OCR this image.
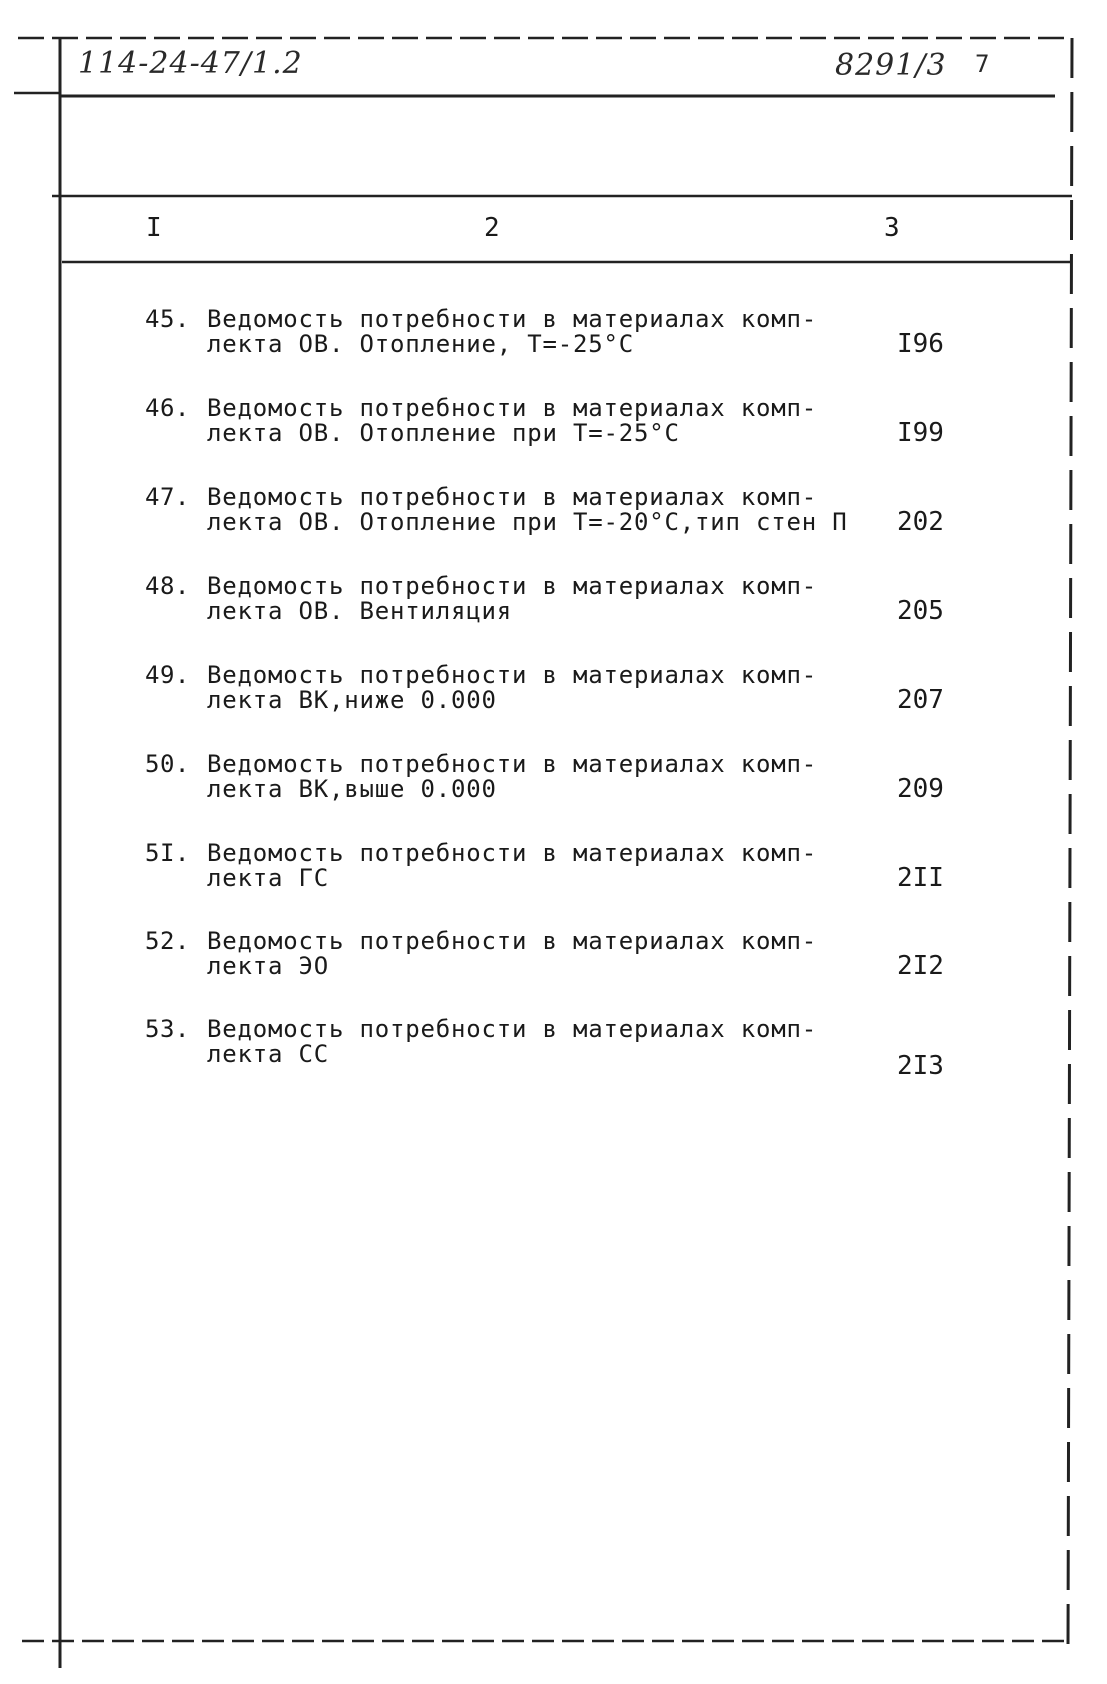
114-24-47/1.2	8291/3 7
I	2	3
45. Ведомость потребности в материалах комп-
лекта ОВ. Отопление, Т=-25°С	I96
46. Ведомость потребности в материалах комп-
лекта ОВ. Отопление при Т=-25°С	I99
47. Ведомость потребности в материалах комп-
лекта ОВ. Отопление при Т=-20°С,тип стен П 202
48. Ведомость потребности в материалах комп-
лекта ОВ. Вентиляция	205
49. Ведомость потребности в материалах комп-
лекта ВК,ниже 0.000	207
50. Ведомость потребности в материалах комп-
лекта ВК,выше 0.000	209
5I. Ведомость потребности в материалах комп-
лекта ГС	2II
52. Ведомость потребности в материалах комп-
лекта ЭО	2I2
53. Ведомость потребности в материалах комп-
лекта СС	2I3
